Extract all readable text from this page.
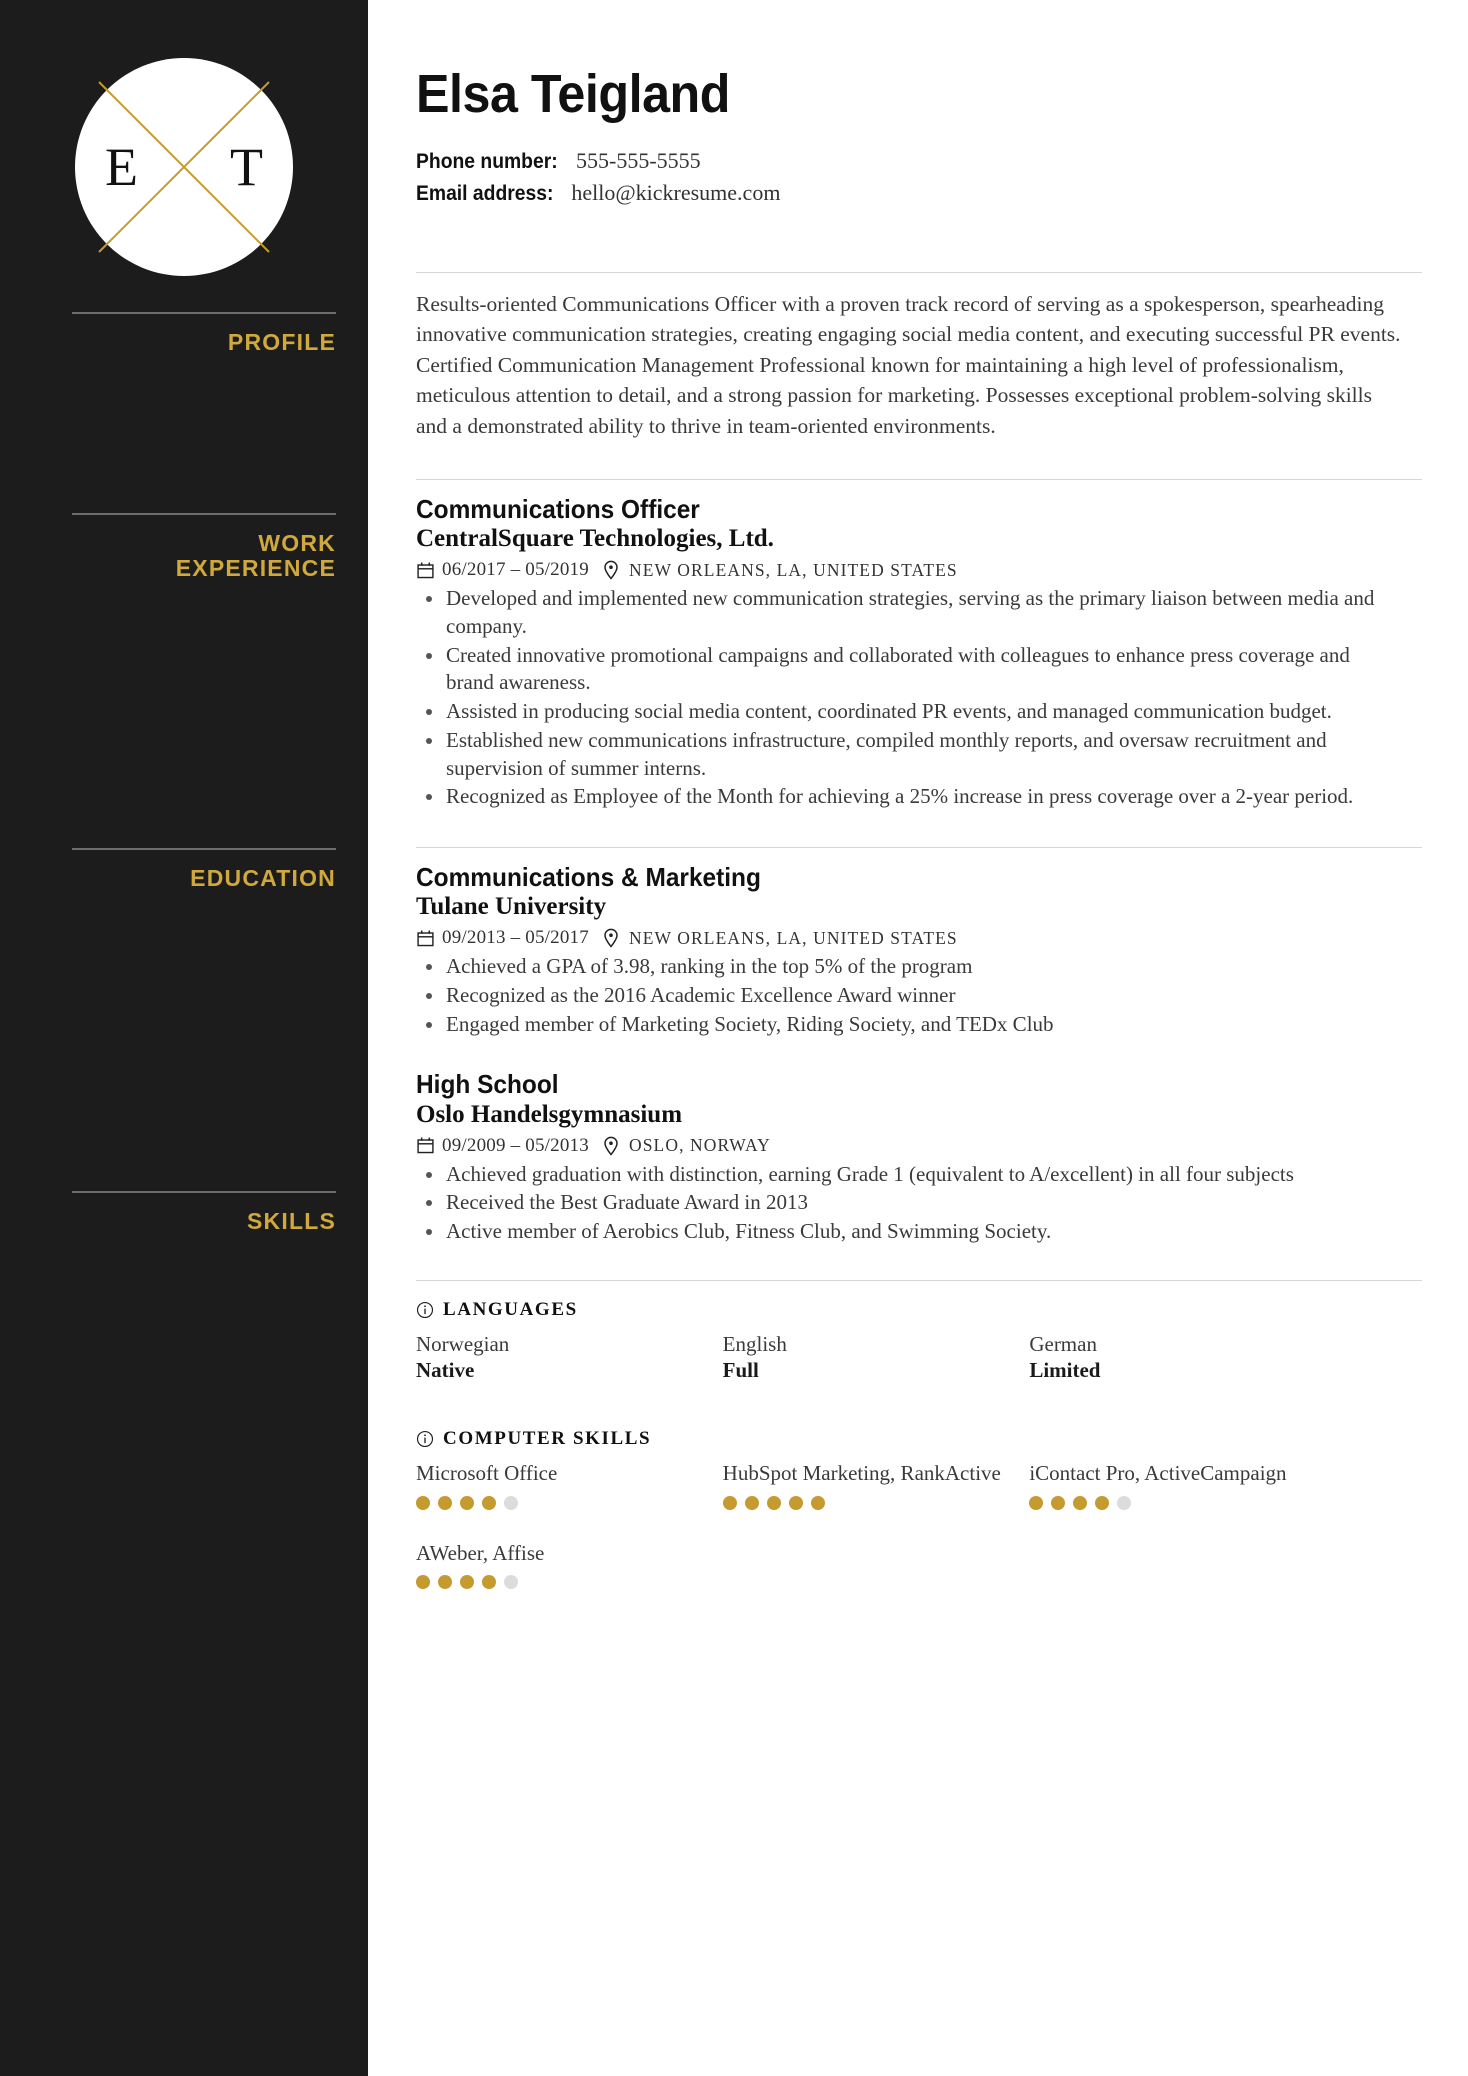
E T
PROFILE
WORK
EXPERIENCE
EDUCATION
SKILLS
Elsa Teigland
Phone number: 555-555-5555
Email address: hello@kickresume.com

Results-oriented Communications Officer with a proven track record of serving as a spokesperson, spearheading innovative communication strategies, creating engaging social media content, and executing successful PR events. Certified Communication Management Professional known for maintaining a high level of professionalism, meticulous attention to detail, and a strong passion for marketing. Possesses exceptional problem-solving skills and a demonstrated ability to thrive in team-oriented environments.

Communications Officer
CentralSquare Technologies, Ltd.
06/2017 – 05/2019 NEW ORLEANS, LA, UNITED STATES
Developed and implemented new communication strategies, serving as the primary liaison between media and company.
Created innovative promotional campaigns and collaborated with colleagues to enhance press coverage and brand awareness.
Assisted in producing social media content, coordinated PR events, and managed communication budget.
Established new communications infrastructure, compiled monthly reports, and oversaw recruitment and supervision of summer interns.
Recognized as Employee of the Month for achieving a 25% increase in press coverage over a 2-year period.
Communications & Marketing
Tulane University
09/2013 – 05/2017 NEW ORLEANS, LA, UNITED STATES
Achieved a GPA of 3.98, ranking in the top 5% of the program
Recognized as the 2016 Academic Excellence Award winner
Engaged member of Marketing Society, Riding Society, and TEDx Club
High School
Oslo Handelsgymnasium
09/2009 – 05/2013 OSLO, NORWAY
Achieved graduation with distinction, earning Grade 1 (equivalent to A/excellent) in all four subjects
Received the Best Graduate Award in 2013
Active member of Aerobics Club, Fitness Club, and Swimming Society.
LANGUAGES
Norwegian
Native
English
Full
German
Limited
COMPUTER SKILLS
Microsoft Office	HubSpot Marketing, RankActive	iContact Pro, ActiveCampaign
AWeber, Affise
